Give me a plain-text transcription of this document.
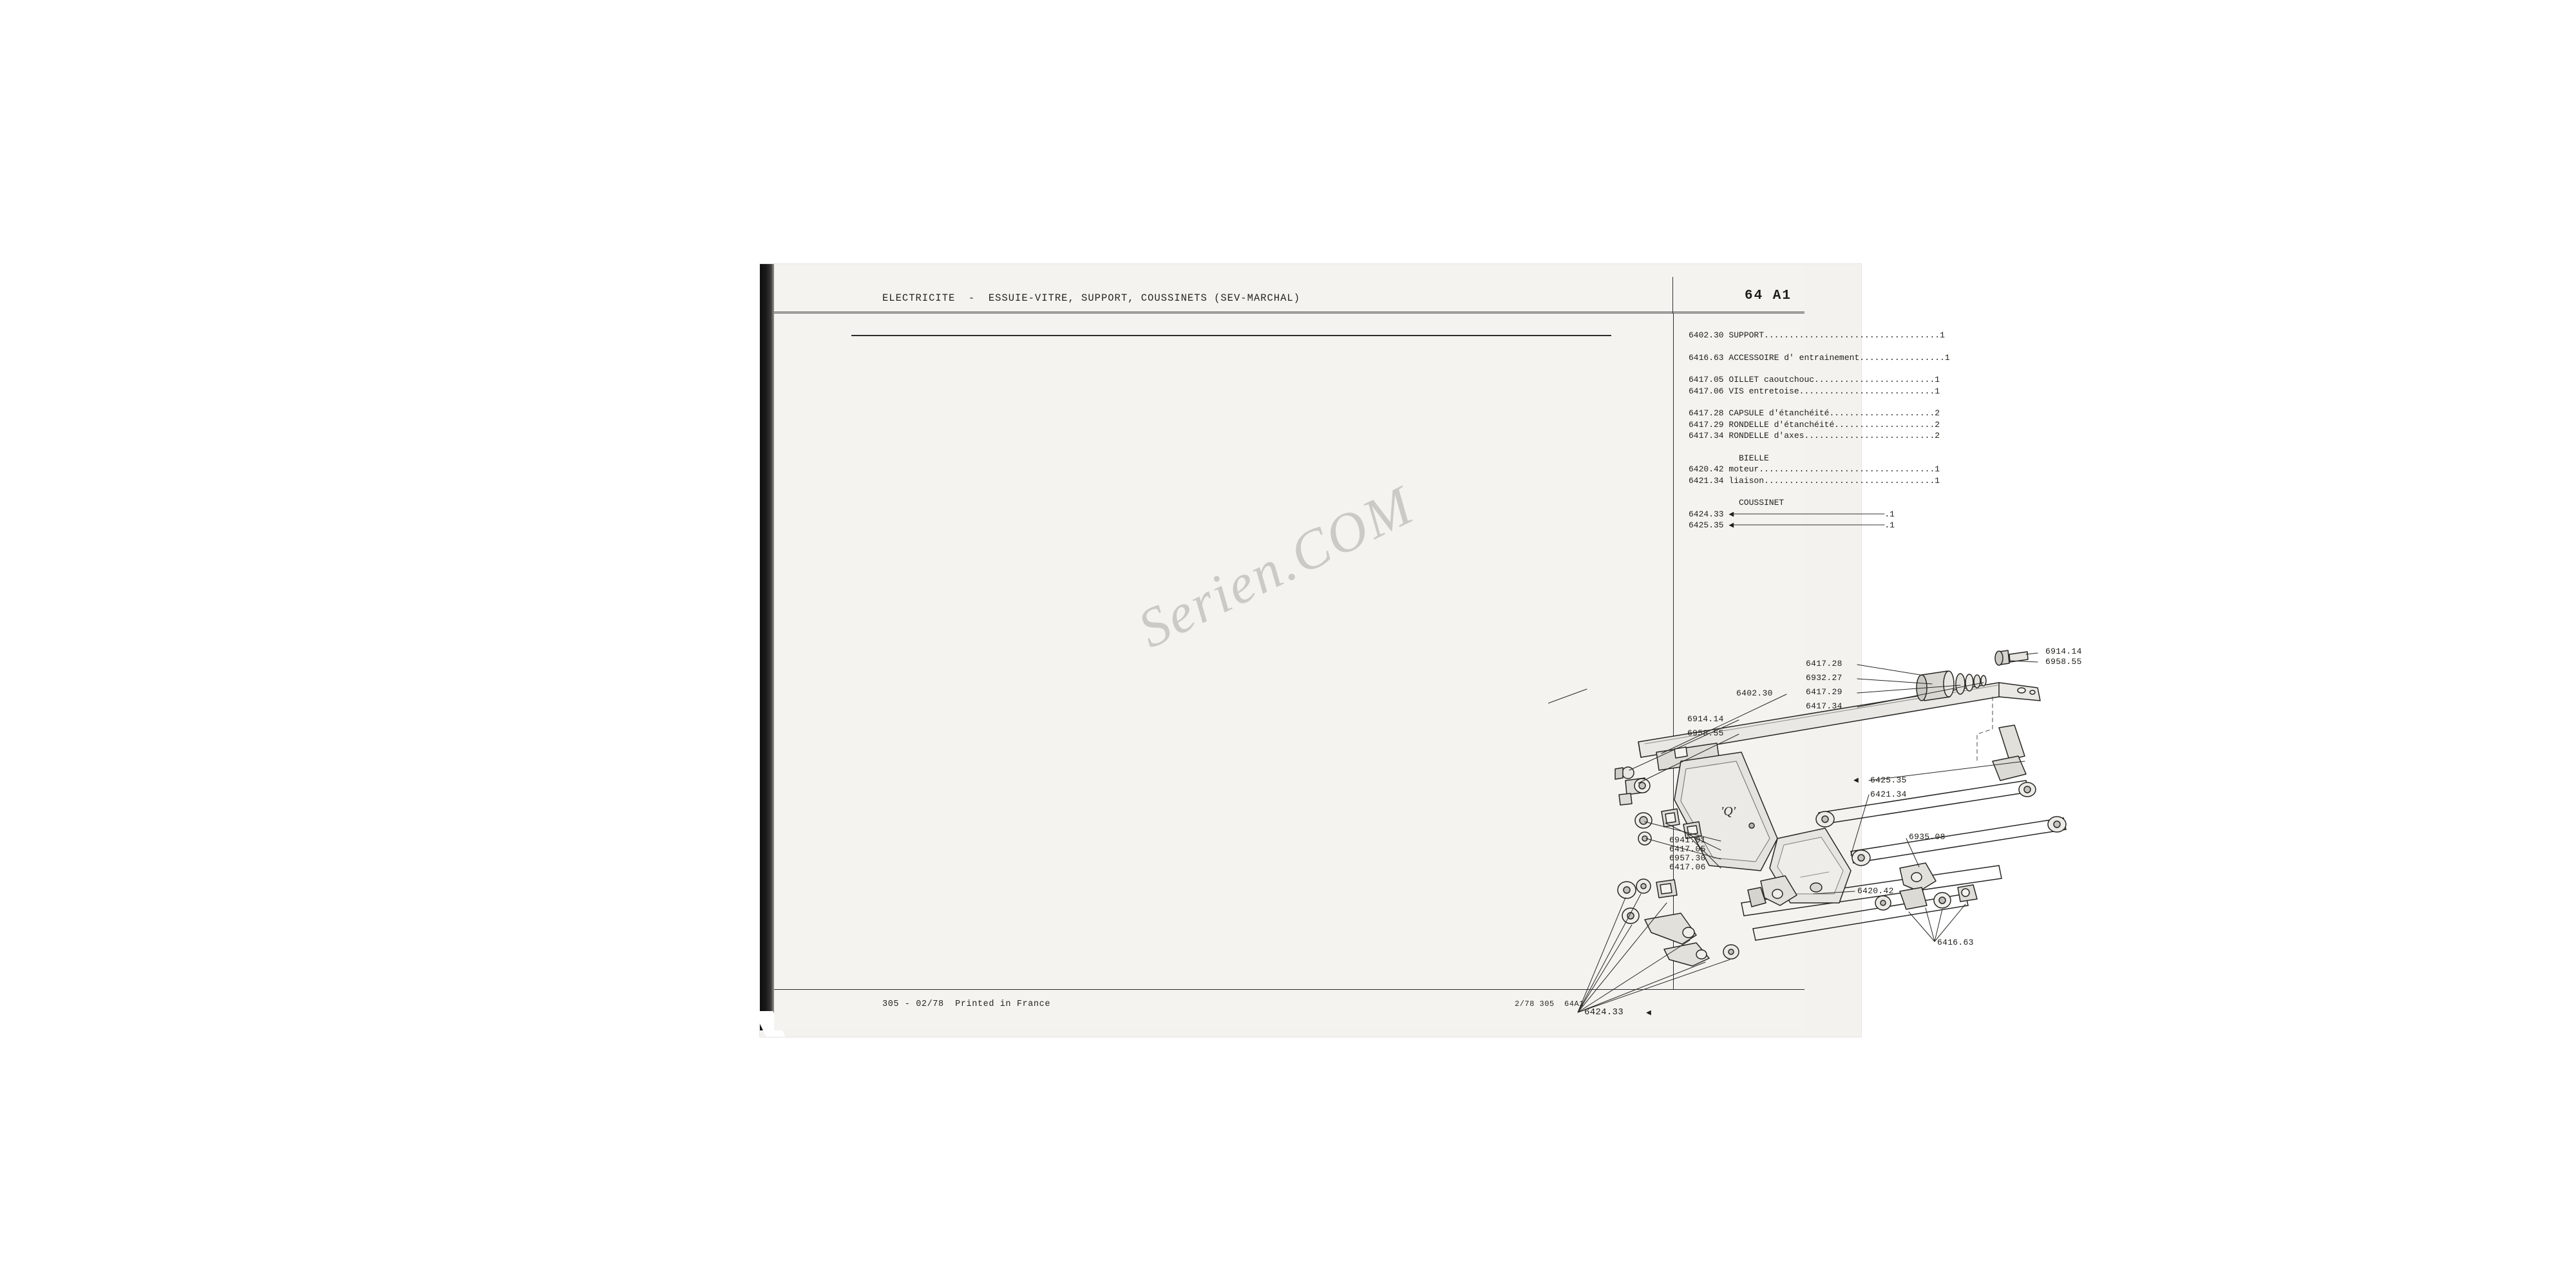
ELECTRICITE  -  ESSUIE-VITRE, SUPPORT, COUSSINETS (SEV-MARCHAL)	64 A1
305 - 02/78  Printed in France	2/78 305  64A1
6402.30 SUPPORT...................................1
6416.63 ACCESSOIRE d' entrainement.................1
6417.05 OILLET caoutchouc........................1
6417.06 VIS entretoise...........................1
6417.28 CAPSULE d'étanchéité.....................2
6417.29 RONDELLE d'étanchéité....................2
6417.34 RONDELLE d'axes..........................2
BIELLE
6420.42 moteur...................................1
6421.34 liaison..................................1
COUSSINET
6424.33 ◀──────────────────────────────.1
6425.35 ◀──────────────────────────────.1
'Q'
6914.14
6958.55
6417.28
6932.27
6417.29
6417.34
6402.30
6914.14
6958.55
6941.01
6417.05
6957.30
6417.06
6425.35
6421.34
6935.08
6420.42
6416.63
6424.33	◀
◀
Serien.COM
